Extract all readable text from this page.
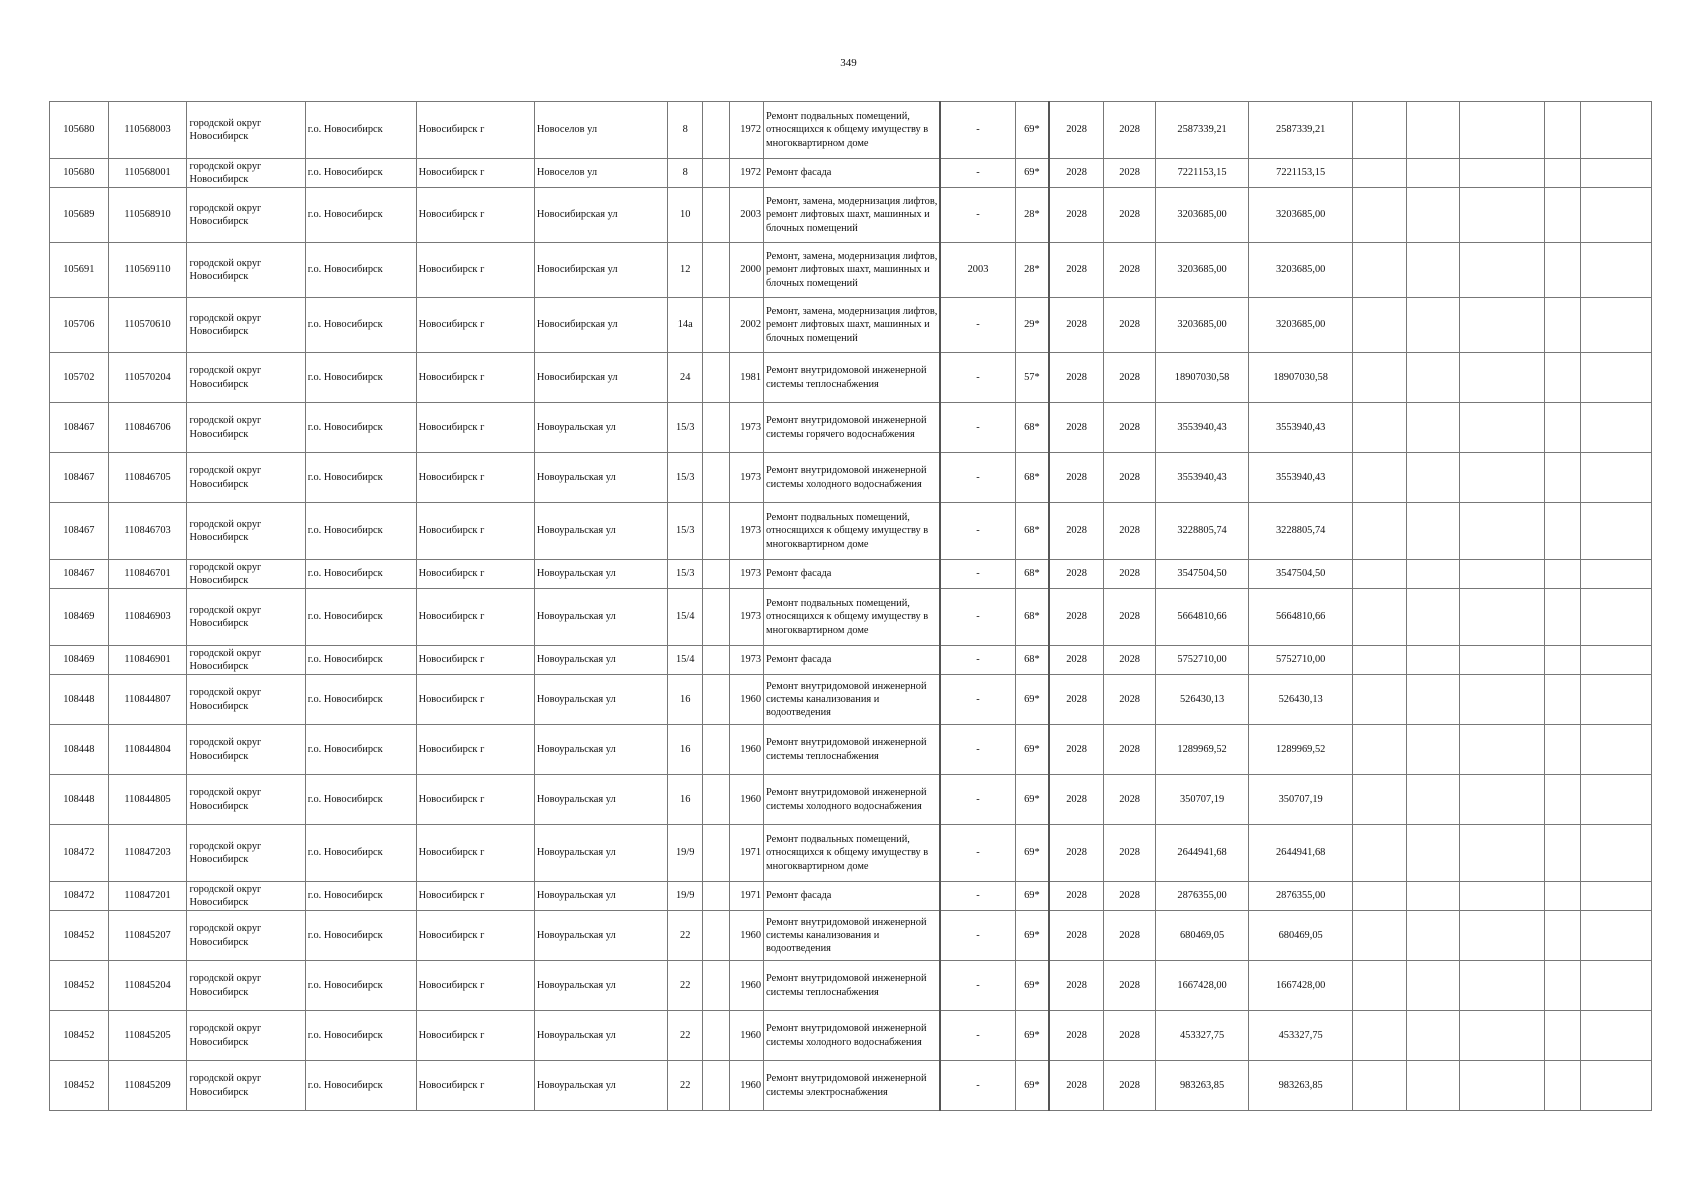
349
105680	110568003	городской округ Новосибирск	г.о. Новосибирск	Новосибирск г	Новоселов ул	8		1972	Ремонт подвальных помещений, относящихся к общему имуществу в многоквартирном доме	-	69*	2028	2028	2587339,21	2587339,21					
105680	110568001	городской округ Новосибирск	г.о. Новосибирск	Новосибирск г	Новоселов ул	8		1972	Ремонт фасада	-	69*	2028	2028	7221153,15	7221153,15					
105689	110568910	городской округ Новосибирск	г.о. Новосибирск	Новосибирск г	Новосибирская ул	10		2003	Ремонт, замена, модернизация лифтов, ремонт лифтовых шахт, машинных и блочных помещений	-	28*	2028	2028	3203685,00	3203685,00					
105691	110569110	городской округ Новосибирск	г.о. Новосибирск	Новосибирск г	Новосибирская ул	12		2000	Ремонт, замена, модернизация лифтов, ремонт лифтовых шахт, машинных и блочных помещений	2003	28*	2028	2028	3203685,00	3203685,00					
105706	110570610	городской округ Новосибирск	г.о. Новосибирск	Новосибирск г	Новосибирская ул	14а		2002	Ремонт, замена, модернизация лифтов, ремонт лифтовых шахт, машинных и блочных помещений	-	29*	2028	2028	3203685,00	3203685,00					
105702	110570204	городской округ Новосибирск	г.о. Новосибирск	Новосибирск г	Новосибирская ул	24		1981	Ремонт внутридомовой инженерной системы теплоснабжения	-	57*	2028	2028	18907030,58	18907030,58					
108467	110846706	городской округ Новосибирск	г.о. Новосибирск	Новосибирск г	Новоуральская ул	15/3		1973	Ремонт внутридомовой инженерной системы горячего водоснабжения	-	68*	2028	2028	3553940,43	3553940,43					
108467	110846705	городской округ Новосибирск	г.о. Новосибирск	Новосибирск г	Новоуральская ул	15/3		1973	Ремонт внутридомовой инженерной системы холодного водоснабжения	-	68*	2028	2028	3553940,43	3553940,43					
108467	110846703	городской округ Новосибирск	г.о. Новосибирск	Новосибирск г	Новоуральская ул	15/3		1973	Ремонт подвальных помещений, относящихся к общему имуществу в многоквартирном доме	-	68*	2028	2028	3228805,74	3228805,74					
108467	110846701	городской округ Новосибирск	г.о. Новосибирск	Новосибирск г	Новоуральская ул	15/3		1973	Ремонт фасада	-	68*	2028	2028	3547504,50	3547504,50					
108469	110846903	городской округ Новосибирск	г.о. Новосибирск	Новосибирск г	Новоуральская ул	15/4		1973	Ремонт подвальных помещений, относящихся к общему имуществу в многоквартирном доме	-	68*	2028	2028	5664810,66	5664810,66					
108469	110846901	городской округ Новосибирск	г.о. Новосибирск	Новосибирск г	Новоуральская ул	15/4		1973	Ремонт фасада	-	68*	2028	2028	5752710,00	5752710,00					
108448	110844807	городской округ Новосибирск	г.о. Новосибирск	Новосибирск г	Новоуральская ул	16		1960	Ремонт внутридомовой инженерной системы канализования и водоотведения	-	69*	2028	2028	526430,13	526430,13					
108448	110844804	городской округ Новосибирск	г.о. Новосибирск	Новосибирск г	Новоуральская ул	16		1960	Ремонт внутридомовой инженерной системы теплоснабжения	-	69*	2028	2028	1289969,52	1289969,52					
108448	110844805	городской округ Новосибирск	г.о. Новосибирск	Новосибирск г	Новоуральская ул	16		1960	Ремонт внутридомовой инженерной системы холодного водоснабжения	-	69*	2028	2028	350707,19	350707,19					
108472	110847203	городской округ Новосибирск	г.о. Новосибирск	Новосибирск г	Новоуральская ул	19/9		1971	Ремонт подвальных помещений, относящихся к общему имуществу в многоквартирном доме	-	69*	2028	2028	2644941,68	2644941,68					
108472	110847201	городской округ Новосибирск	г.о. Новосибирск	Новосибирск г	Новоуральская ул	19/9		1971	Ремонт фасада	-	69*	2028	2028	2876355,00	2876355,00					
108452	110845207	городской округ Новосибирск	г.о. Новосибирск	Новосибирск г	Новоуральская ул	22		1960	Ремонт внутридомовой инженерной системы канализования и водоотведения	-	69*	2028	2028	680469,05	680469,05					
108452	110845204	городской округ Новосибирск	г.о. Новосибирск	Новосибирск г	Новоуральская ул	22		1960	Ремонт внутридомовой инженерной системы теплоснабжения	-	69*	2028	2028	1667428,00	1667428,00					
108452	110845205	городской округ Новосибирск	г.о. Новосибирск	Новосибирск г	Новоуральская ул	22		1960	Ремонт внутридомовой инженерной системы холодного водоснабжения	-	69*	2028	2028	453327,75	453327,75					
108452	110845209	городской округ Новосибирск	г.о. Новосибирск	Новосибирск г	Новоуральская ул	22		1960	Ремонт внутридомовой инженерной системы электроснабжения	-	69*	2028	2028	983263,85	983263,85					
